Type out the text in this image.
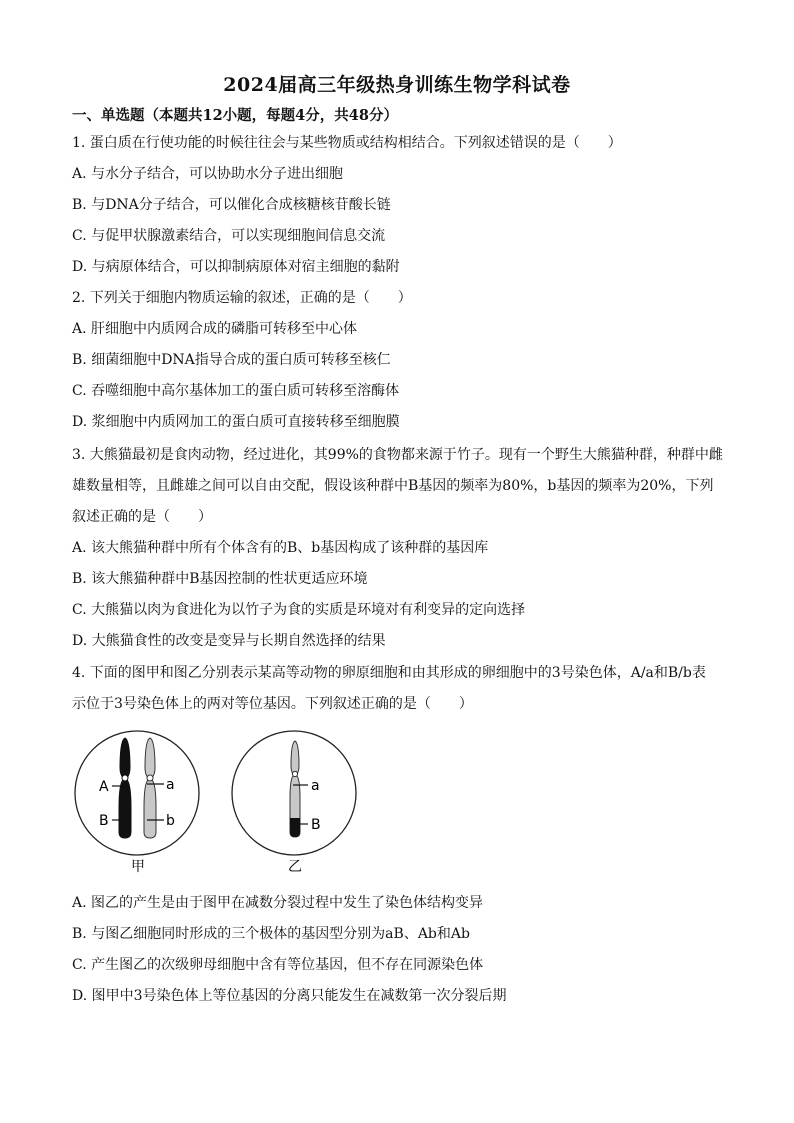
2024届高三年级热身训练生物学科试卷
一、单选题（本题共12小题，每题4分，共48分）
1. 蛋白质在行使功能的时候往往会与某些物质或结构相结合。下列叙述错误的是（　　）
A. 与水分子结合，可以协助水分子进出细胞
B. 与DNA分子结合，可以催化合成核糖核苷酸长链
C. 与促甲状腺激素结合，可以实现细胞间信息交流
D. 与病原体结合，可以抑制病原体对宿主细胞的黏附
2. 下列关于细胞内物质运输的叙述，正确的是（　　）
A. 肝细胞中内质网合成的磷脂可转移至中心体
B. 细菌细胞中DNA指导合成的蛋白质可转移至核仁
C. 吞噬细胞中高尔基体加工的蛋白质可转移至溶酶体
D. 浆细胞中内质网加工的蛋白质可直接转移至细胞膜
3. 大熊猫最初是食肉动物，经过进化，其99%的食物都来源于竹子。现有一个野生大熊猫种群，种群中雌
雄数量相等，且雌雄之间可以自由交配，假设该种群中B基因的频率为80%，b基因的频率为20%，下列
叙述正确的是（　　）
A. 该大熊猫种群中所有个体含有的B、b基因构成了该种群的基因库
B. 该大熊猫种群中B基因控制的性状更适应环境
C. 大熊猫以肉为食进化为以竹子为食的实质是环境对有利变异的定向选择
D. 大熊猫食性的改变是变异与长期自然选择的结果
4. 下面的图甲和图乙分别表示某高等动物的卵原细胞和由其形成的卵细胞中的3号染色体，A/a和B/b表
示位于3号染色体上的两对等位基因。下列叙述正确的是（　　）
A
B
a
b
甲
a
B
乙
A. 图乙的产生是由于图甲在减数分裂过程中发生了染色体结构变异
B. 与图乙细胞同时形成的三个极体的基因型分别为aB、Ab和Ab
C. 产生图乙的次级卵母细胞中含有等位基因，但不存在同源染色体
D. 图甲中3号染色体上等位基因的分离只能发生在减数第一次分裂后期
